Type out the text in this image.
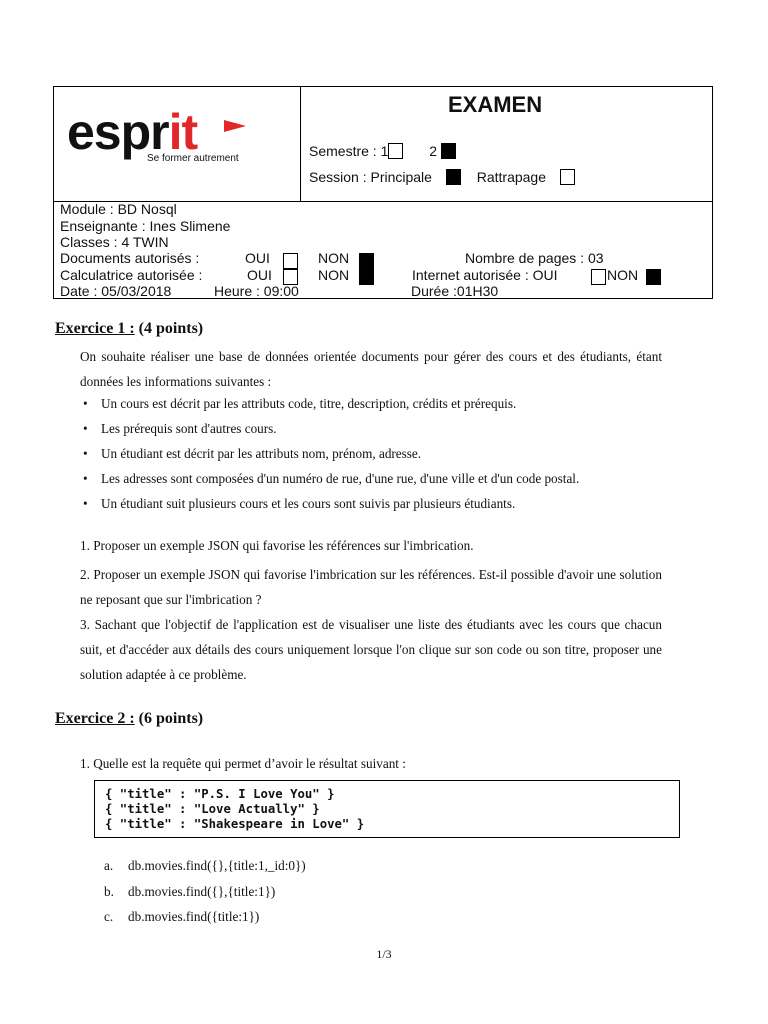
esprit
Se former autrement
EXAMEN
Semestre : 1	2
Session : Principale	Rattrapage
Module : BD Nosql
Enseignante : Ines Slimene
Classes : 4 TWIN
Documents autorisés :	OUI	NON	Nombre de pages : 03
Calculatrice autorisée :	OUI	NON	Internet autorisée : OUI	NON
Date : 05/03/2018	Heure : 09:00	Durée :01H30
Exercice 1 : (4 points)
On souhaite réaliser une base de données orientée documents pour gérer des cours et des étudiants, étant données les informations suivantes :
Un cours est décrit par les attributs code, titre, description, crédits et prérequis.
Les prérequis sont d'autres cours.
Un étudiant est décrit par les attributs nom, prénom, adresse.
Les adresses sont composées d'un numéro de rue, d'une rue, d'une ville et d'un code postal.
Un étudiant suit plusieurs cours et les cours sont suivis par plusieurs étudiants.
1. Proposer un exemple JSON qui favorise les références sur l'imbrication.
2. Proposer un exemple JSON qui favorise l'imbrication sur les références. Est-il possible d'avoir une solution ne reposant que sur l'imbrication ?
3. Sachant que l'objectif de l'application est de visualiser une liste des étudiants avec les cours que chacun suit, et d'accéder aux détails des cours uniquement lorsque l'on clique sur son code ou son titre, proposer une solution adaptée à ce problème.
Exercice 2 : (6 points)
1. Quelle est la requête qui permet d’avoir le résultat suivant :
{ "title" : "P.S. I Love You" }
{ "title" : "Love Actually" }
{ "title" : "Shakespeare in Love" }
a. db.movies.find({},{title:1,_id:0})
b. db.movies.find({},{title:1})
c. db.movies.find({title:1})
1/3
